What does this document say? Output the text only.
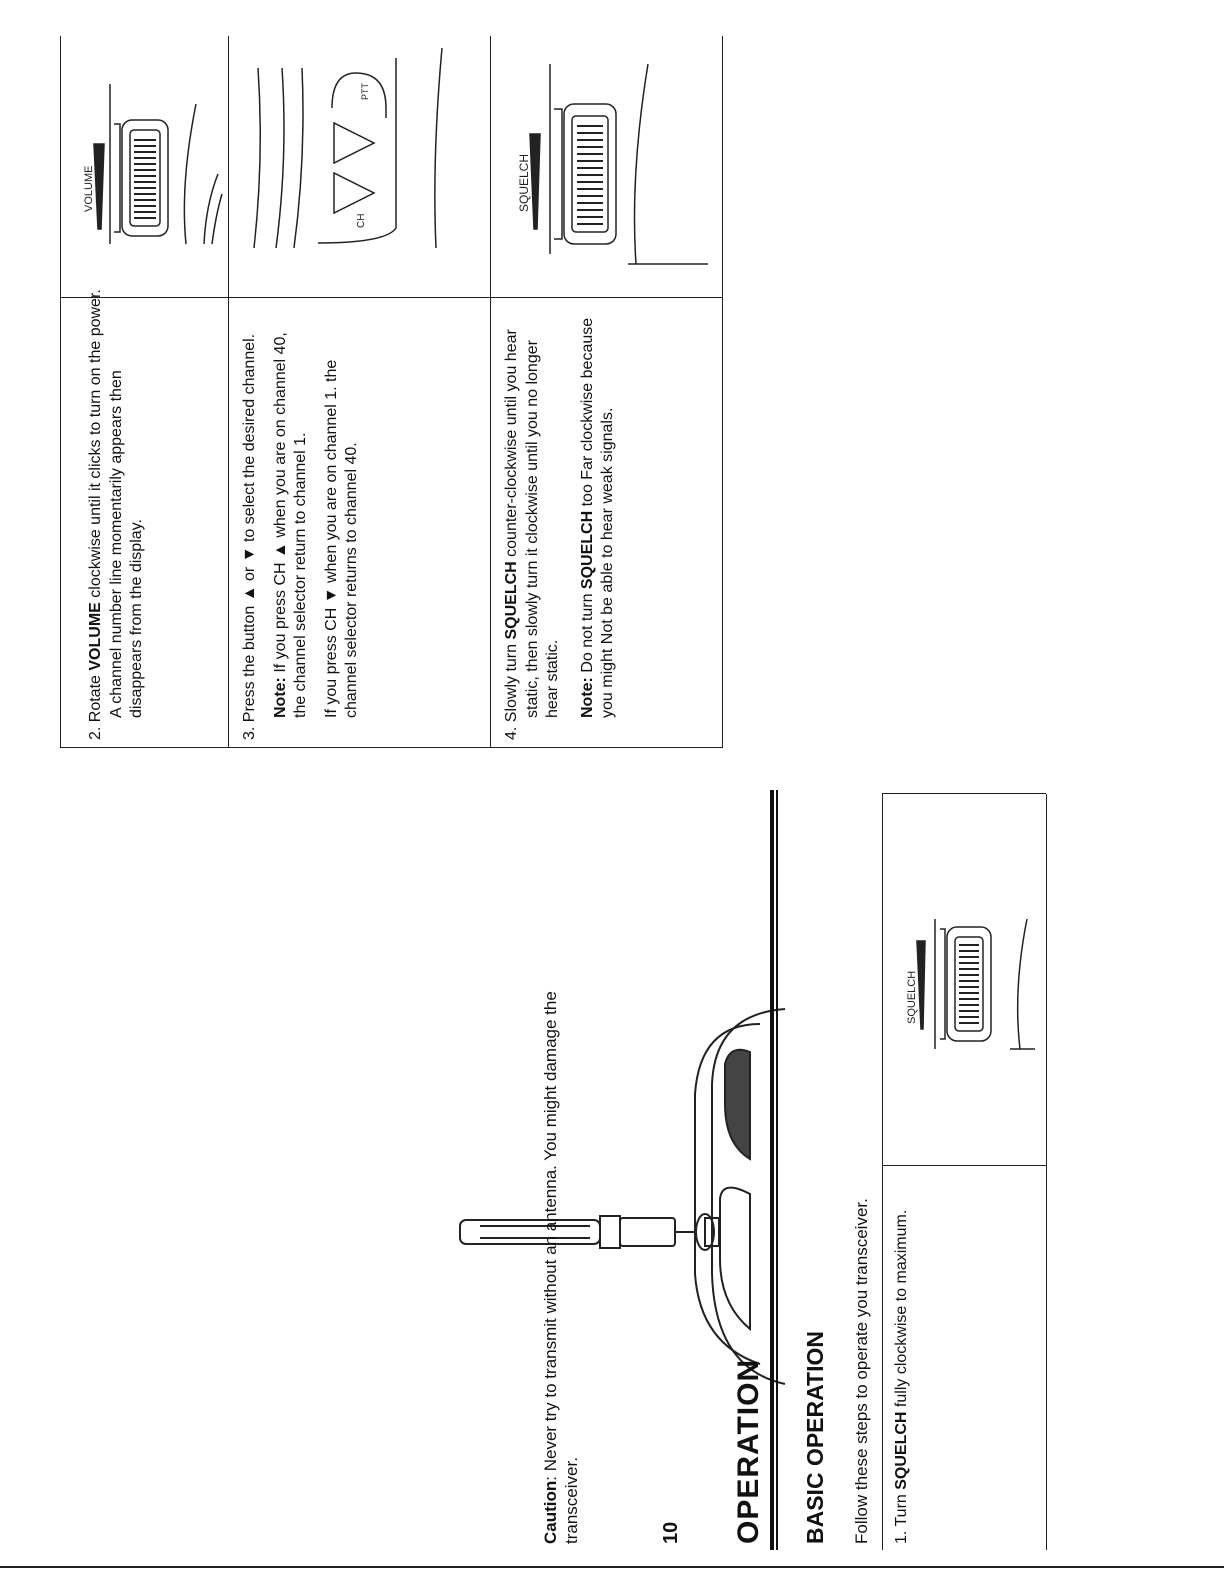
Caution: Never try to transmit without an antenna. You might damage the transceiver.	10 OPERATION BASIC OPERATION Follow these steps to operate you transceiver. 1. Turn SQUELCH fully clockwise to maximum.
SQUELCH
2. Rotate VOLUME clockwise until it clicks to turn on the power. A channel number line momentarily appears then disappears from the display.
VOLUME

3. Press the button ▲ or ▼ to select the desired channel. Note: If you press CH ▲ when you are on channel 40, the channel selector return to channel 1. If you press CH ▼ when you are on channel 1. the channel selector returns to channel 40.

CH
PTT

4. Slowly turn SQUELCH counter-clockwise until you hear static, then slowly turn it clockwise until you no longer hear static. Note: Do not turn SQUELCH too Far clockwise because you might Not be able to hear weak signals.

SQUELCH
